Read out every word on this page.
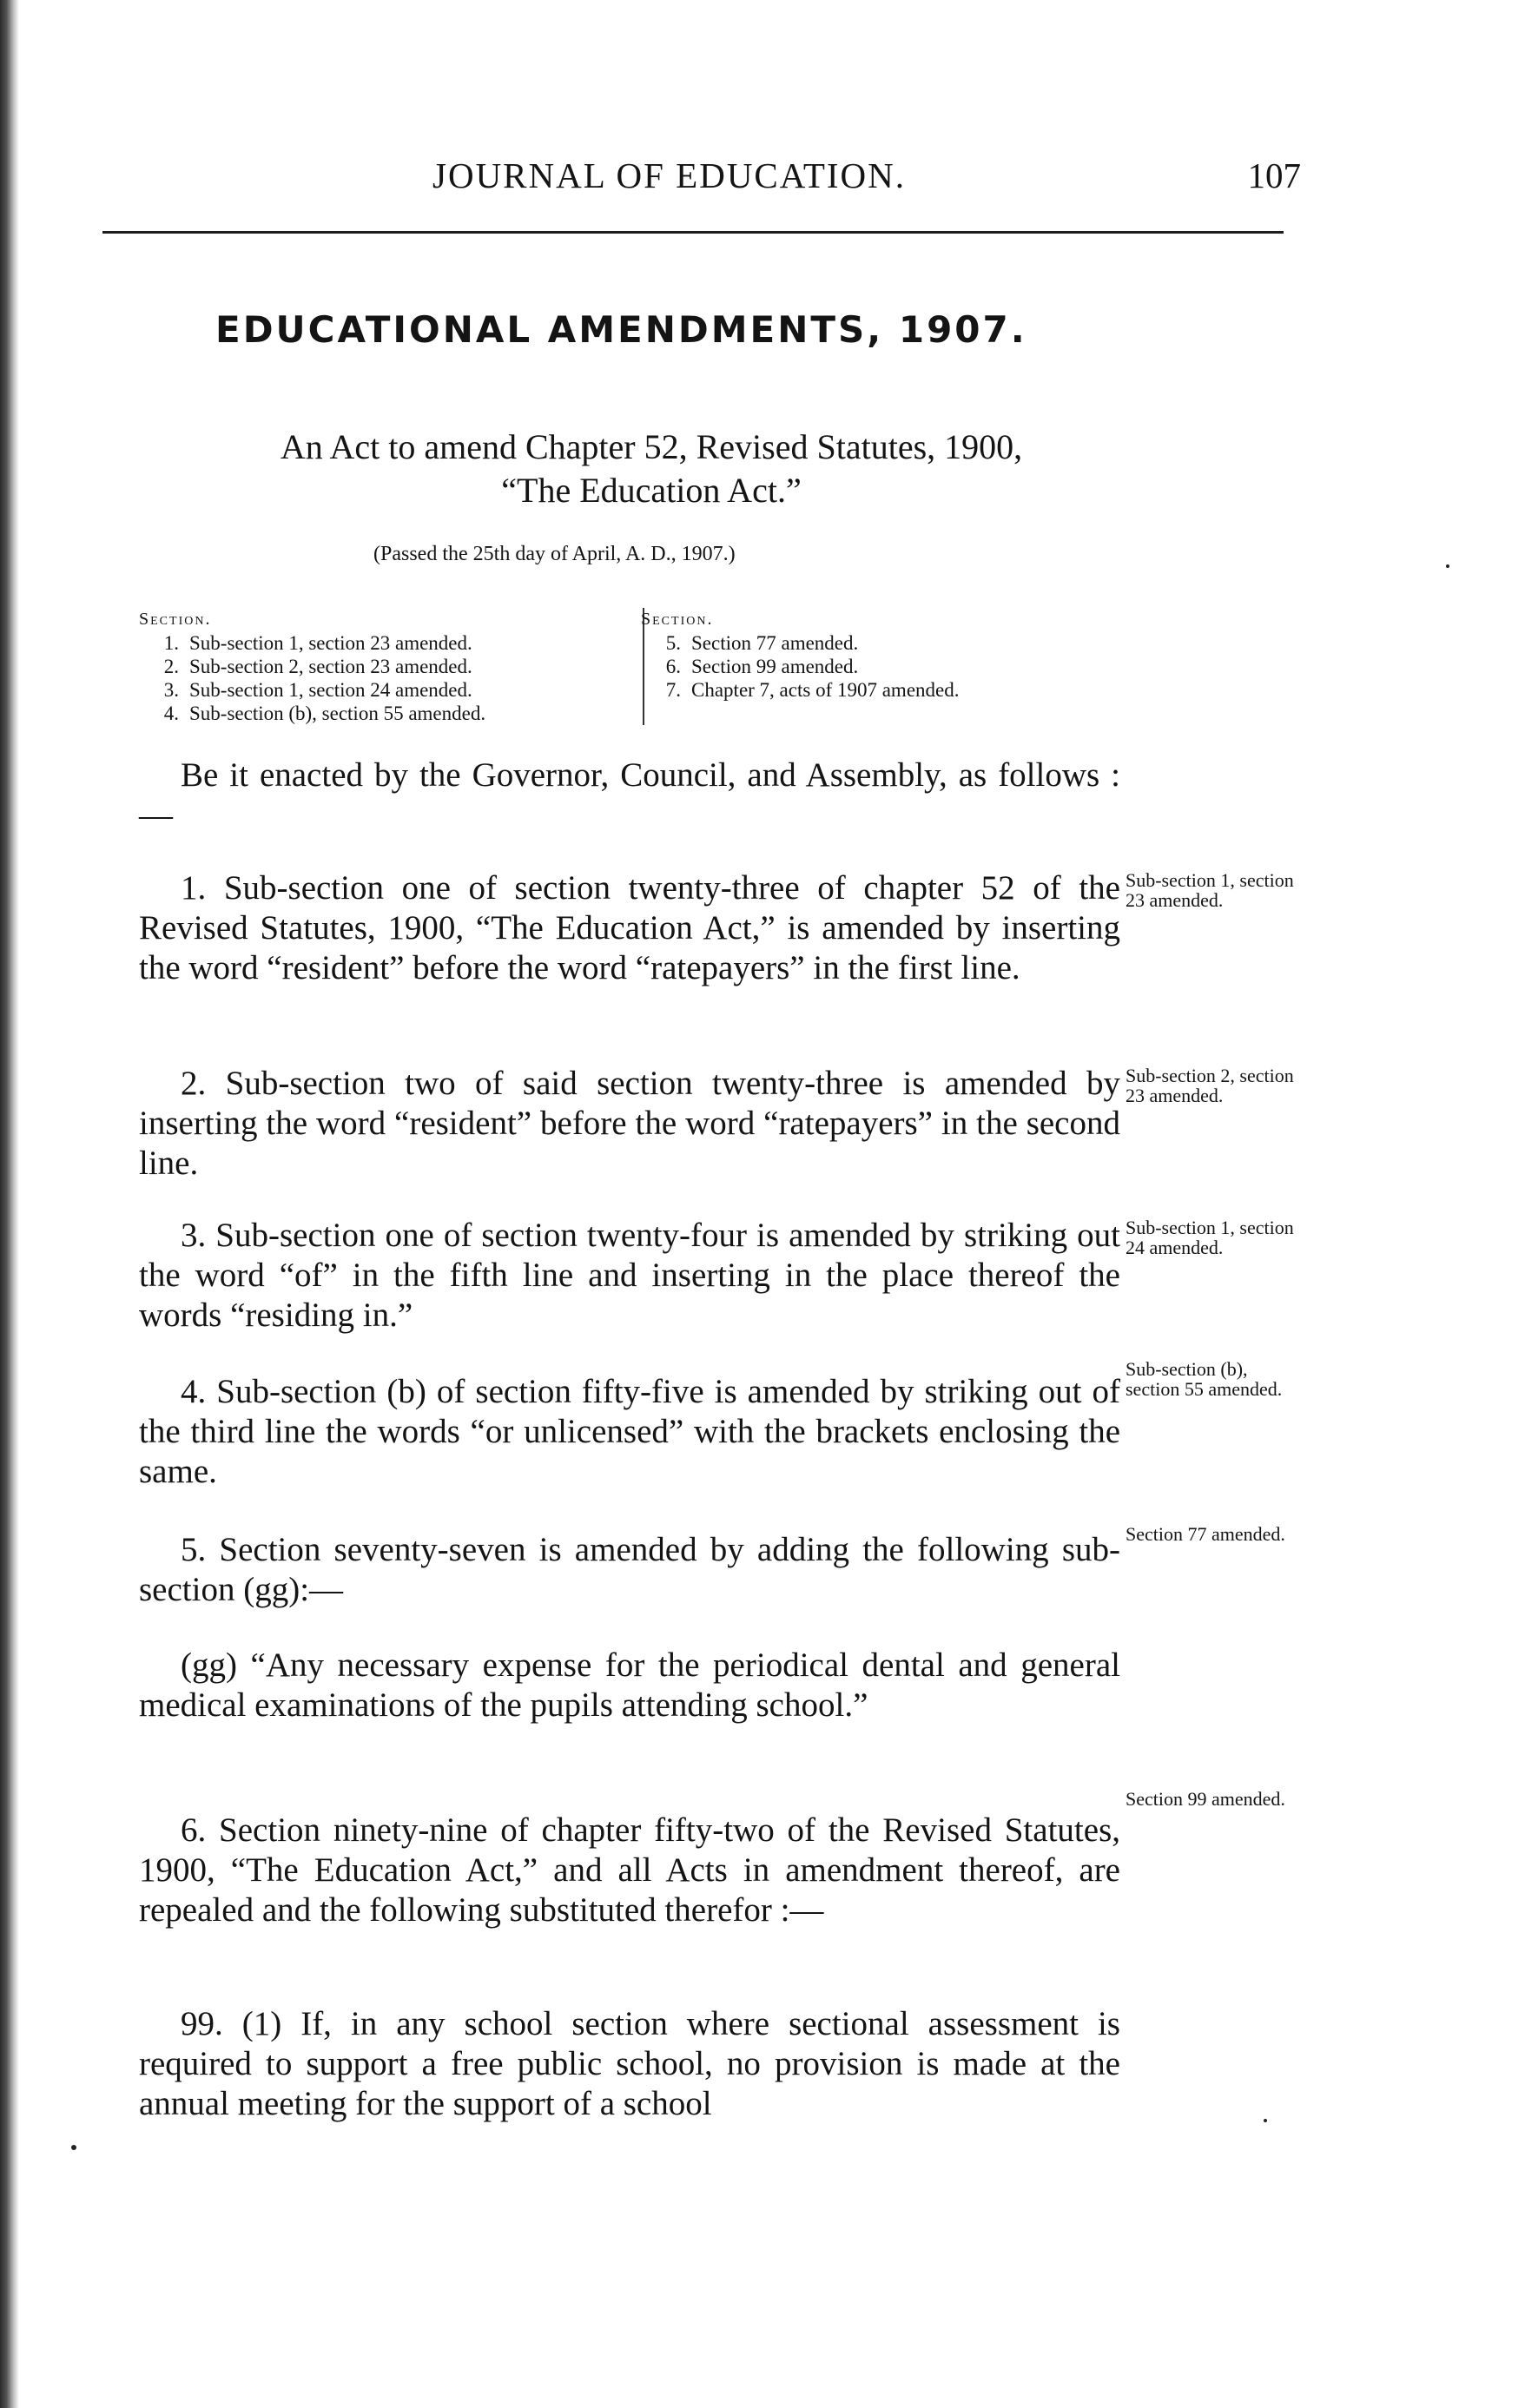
JOURNAL OF EDUCATION.	107
EDUCATIONAL AMENDMENTS, 1907.
An Act to amend Chapter 52, Revised Statutes, 1900,
“The Education Act.”
(Passed the 25th day of April, A. D., 1907.)
Section.
1. Sub-section 1, section 23 amended.
2. Sub-section 2, section 23 amended.
3. Sub-section 1, section 24 amended.
4. Sub-section (b), section 55 amended.
Section.
5. Section 77 amended.
6. Section 99 amended.
7. Chapter 7, acts of 1907 amended.

Be it enacted by the Governor, Council, and Assembly, as follows :—

1. Sub-section one of section twenty-three of chapter 52 of the Revised Statutes, 1900, “The Education Act,” is amended by inserting the word “resident” before the word “ratepayers” in the first line.

Sub-section 1, section 23 amended.

2. Sub-section two of said section twenty-three is amended by inserting the word “resident” before the word “ratepayers” in the second line.

Sub-section 2, section 23 amended.

3. Sub-section one of section twenty-four is amended by striking out the word “of” in the fifth line and inserting in the place thereof the words “residing in.”

Sub-section 1, section 24 amended.

4. Sub-section (b) of section fifty-five is amended by striking out of the third line the words “or unlicensed” with the brackets enclosing the same.

Sub-section (b), section 55 amended.

5. Section seventy-seven is amended by adding the following sub-section (gg):—

Section 77 amended.

(gg) “Any necessary expense for the periodical dental and general medical examinations of the pupils attending school.”

6. Section ninety-nine of chapter fifty-two of the Revised Statutes, 1900, “The Education Act,” and all Acts in amendment thereof, are repealed and the following substituted therefor :—

Section 99 amended.

99. (1) If, in any school section where sectional assessment is required to support a free public school, no provision is made at the annual meeting for the support of a school
